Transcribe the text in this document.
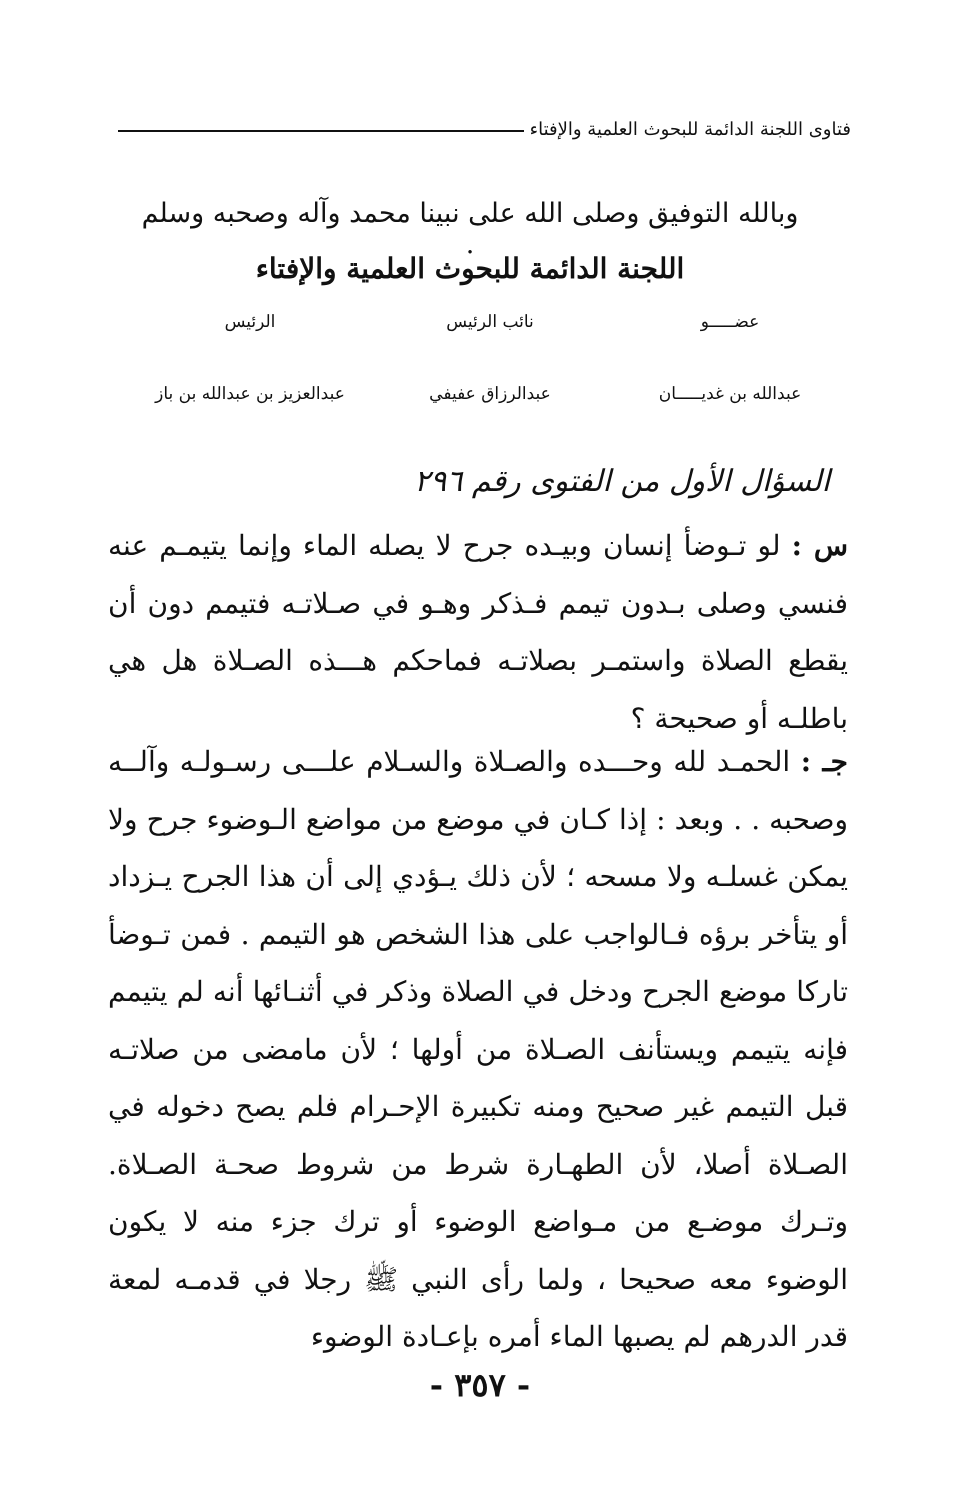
فتاوى اللجنة الدائمة للبحوث العلمية والإفتاء
وبالله التوفيق وصلى الله على نبينا محمد وآله وصحبه وسلم .
اللجنة الدائمة للبحوث العلمية والإفتاء
عضـــــو
نائب الرئيس
الرئيس
عبدالله بن غديـــــان
عبدالرزاق عفيفي
عبدالعزيز بن عبدالله بن باز
السؤال الأول من الفتوى رقم ٢٩٦
س : لو تـوضأ إنسان وبيـده جرح لا يصله الماء وإنما يتيمـم عنه فنسي وصلى بـدون تيمم فـذكر وهـو في صـلاتـه فتيمم دون أن يقطع الصلاة واستمـر بصلاتـه فماحكم هـــذه الصـلاة هل هي باطلـه أو صحيحة ؟
جـ : الحمـد لله وحـــده والصـلاة والسـلام علـــى رسـولـه وآلــه وصحبه . . وبعد : إذا كـان في موضع من مواضع الـوضوء جرح ولا يمكن غسلـه ولا مسحه ؛ لأن ذلك يـؤدي إلى أن هذا الجرح يـزداد أو يتأخر برؤه فـالواجب على هذا الشخص هو التيمم . فمن تـوضأ تاركا موضع الجرح ودخل في الصلاة وذكر في أثنـائها أنه لم يتيمم فإنه يتيمم ويستأنف الصـلاة من أولها ؛ لأن مامضى من صلاتـه قبل التيمم غير صحيح ومنه تكبيرة الإحـرام فلم يصح دخوله في الصـلاة أصلا، لأن الطهـارة شرط من شروط صحـة الصـلاة. وتـرك موضـع من مـواضع الوضوء أو ترك جزء منه لا يكون الوضوء معه صحيحا ، ولما رأى النبي ﷺ رجلا في قدمـه لمعة قدر الدرهم لم يصبها الماء أمره بإعـادة الوضوء
- ٣٥٧ -
